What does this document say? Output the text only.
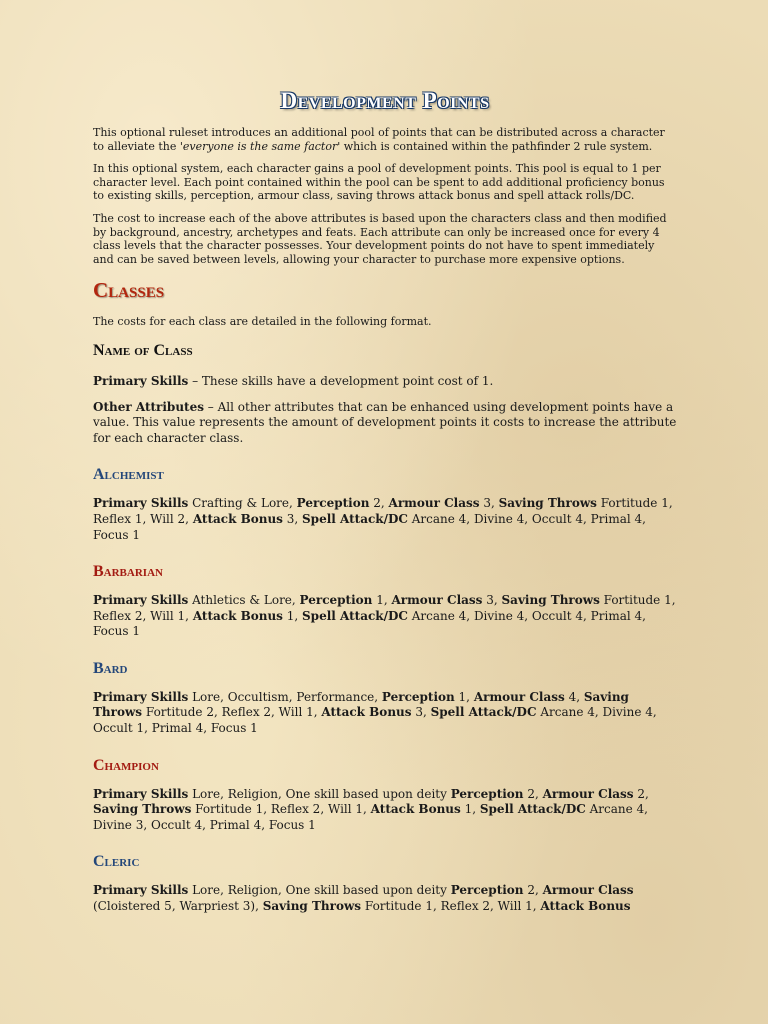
Development Points

This optional ruleset introduces an additional pool of points that can be distributed across a character to alleviate the 'everyone is the same factor' which is contained within the pathfinder 2 rule system.

In this optional system, each character gains a pool of development points. This pool is equal to 1 per character level. Each point contained within the pool can be spent to add additional proficiency bonus to existing skills, perception, armour class, saving throws attack bonus and spell attack rolls/DC.

The cost to increase each of the above attributes is based upon the characters class and then modified by background, ancestry, archetypes and feats. Each attribute can only be increased once for every 4 class levels that the character possesses. Your development points do not have to spent immediately and can be saved between levels, allowing your character to purchase more expensive options.

Classes

The costs for each class are detailed in the following format.

Name of Class

Primary Skills – These skills have a development point cost of 1.

Other Attributes – All other attributes that can be enhanced using development points have a value. This value represents the amount of development points it costs to increase the attribute for each character class.

Alchemist

Primary Skills Crafting & Lore, Perception 2, Armour Class 3, Saving Throws Fortitude 1, Reflex 1, Will 2, Attack Bonus 3, Spell Attack/DC Arcane 4, Divine 4, Occult 4, Primal 4, Focus 1

Barbarian

Primary Skills Athletics & Lore, Perception 1, Armour Class 3, Saving Throws Fortitude 1, Reflex 2, Will 1, Attack Bonus 1, Spell Attack/DC Arcane 4, Divine 4, Occult 4, Primal 4, Focus 1

Bard

Primary Skills Lore, Occultism, Performance, Perception 1, Armour Class 4, Saving Throws Fortitude 2, Reflex 2, Will 1, Attack Bonus 3, Spell Attack/DC Arcane 4, Divine 4, Occult 1, Primal 4, Focus 1

Champion

Primary Skills Lore, Religion, One skill based upon deity Perception 2, Armour Class 2, Saving Throws Fortitude 1, Reflex 2, Will 1, Attack Bonus 1, Spell Attack/DC Arcane 4, Divine 3, Occult 4, Primal 4, Focus 1

Cleric

Primary Skills Lore, Religion, One skill based upon deity Perception 2, Armour Class (Cloistered 5, Warpriest 3), Saving Throws Fortitude 1, Reflex 2, Will 1, Attack Bonus
